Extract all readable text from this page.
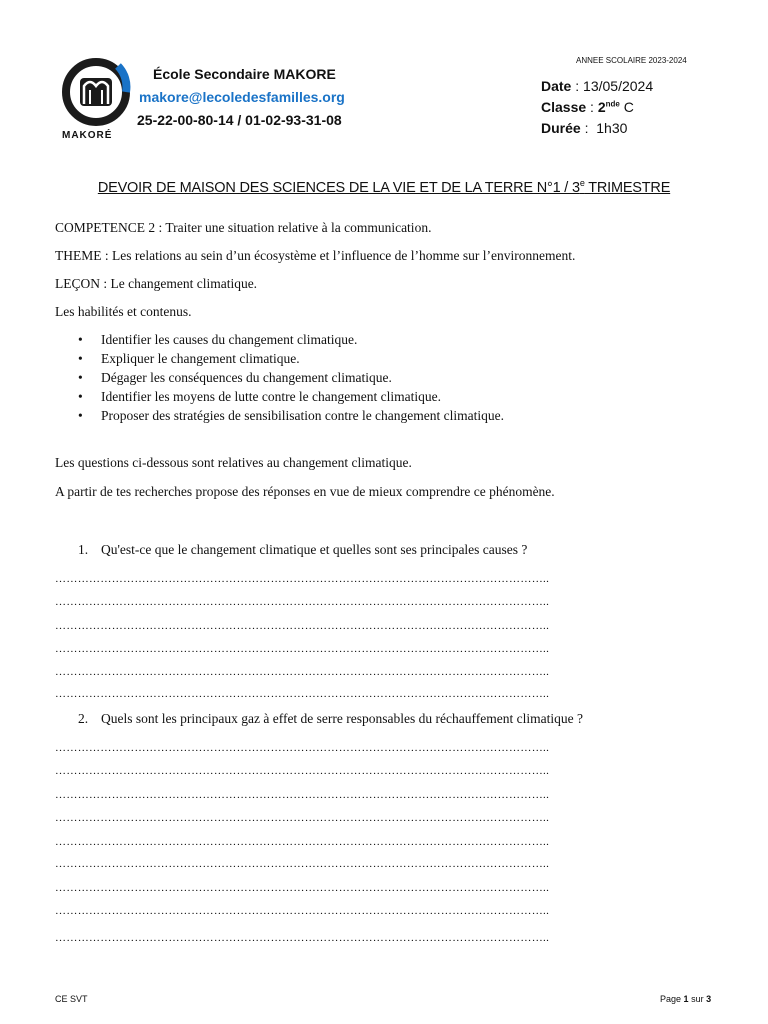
MAKORÉ
École Secondaire MAKORE
makore@lecoledesfamilles.org
25-22-00-80-14 / 01-02-93-31-08
ANNEE SCOLAIRE 2023-2024
Date : 13/05/2024
Classe : 2nde C
Durée :  1h30
DEVOIR DE MAISON DES SCIENCES DE LA VIE ET DE LA TERRE N°1 / 3e TRIMESTRE
COMPETENCE 2 : Traiter une situation relative à la communication.
THEME : Les relations au sein d’un écosystème et l’influence de l’homme sur l’environnement.
LEÇON : Le changement climatique.
Les habilités et contenus.
• Identifier les causes du changement climatique.
• Expliquer le changement climatique.
• Dégager les conséquences du changement climatique.
• Identifier les moyens de lutte contre le changement climatique.
• Proposer des stratégies de sensibilisation contre le changement climatique.
Les questions ci-dessous sont relatives au changement climatique.
A partir de tes recherches propose des réponses en vue de mieux comprendre ce phénomène.
1. Qu'est-ce que le changement climatique et quelles sont ses principales causes ?
…………………………………………………………………………………………………………………..
…………………………………………………………………………………………………………………..
…………………………………………………………………………………………………………………..
…………………………………………………………………………………………………………………..
…………………………………………………………………………………………………………………..
…………………………………………………………………………………………………………………..
2. Quels sont les principaux gaz à effet de serre responsables du réchauffement climatique ?
…………………………………………………………………………………………………………………..
…………………………………………………………………………………………………………………..
…………………………………………………………………………………………………………………..
…………………………………………………………………………………………………………………..
…………………………………………………………………………………………………………………..
…………………………………………………………………………………………………………………..
…………………………………………………………………………………………………………………..
…………………………………………………………………………………………………………………..
…………………………………………………………………………………………………………………..
CE SVT	Page 1 sur 3
